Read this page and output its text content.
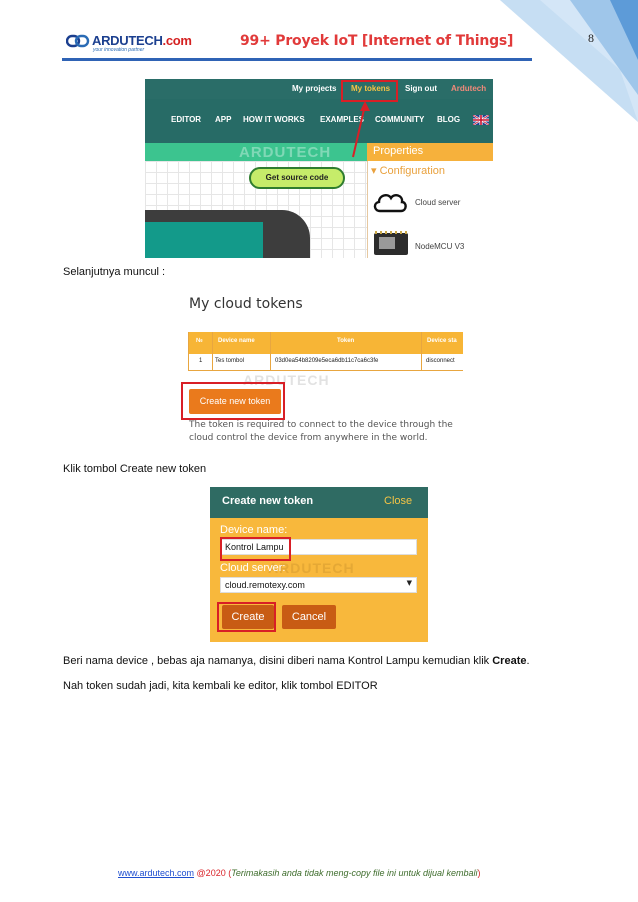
ARDUTECH.com
your innovation partner
99+ Proyek IoT [Internet of Things]	8
My projects My tokens Sign out Ardutech
EDITOR APP HOW IT WORKS EXAMPLES COMMUNITY BLOG
ARDUTECH
Get source code
Properties
▾ Configuration
Cloud server
NodeMCU V3
Selanjutnya muncul :
My cloud tokens
№	Device name	Token	Device sta
1 Tes tombol	03d0ea54b8209e5eca6db11c7ca6c3fe	disconnect
ARDUTECH
Create new token
The token is required to connect to the device through the cloud control the device from anywhere in the world.
Klik tombol Create new token
Create new token	Close
Device name:
Kontrol Lampu
ARDUTECH
Cloud server:
cloud.remotexy.com	▼
Create	Cancel
Beri nama device , bebas aja namanya, disini diberi nama Kontrol Lampu kemudian klik Create.
Nah token sudah jadi, kita kembali ke editor, klik tombol EDITOR
www.ardutech.com @2020 (Terimakasih anda tidak meng-copy file ini untuk dijual kembali)
